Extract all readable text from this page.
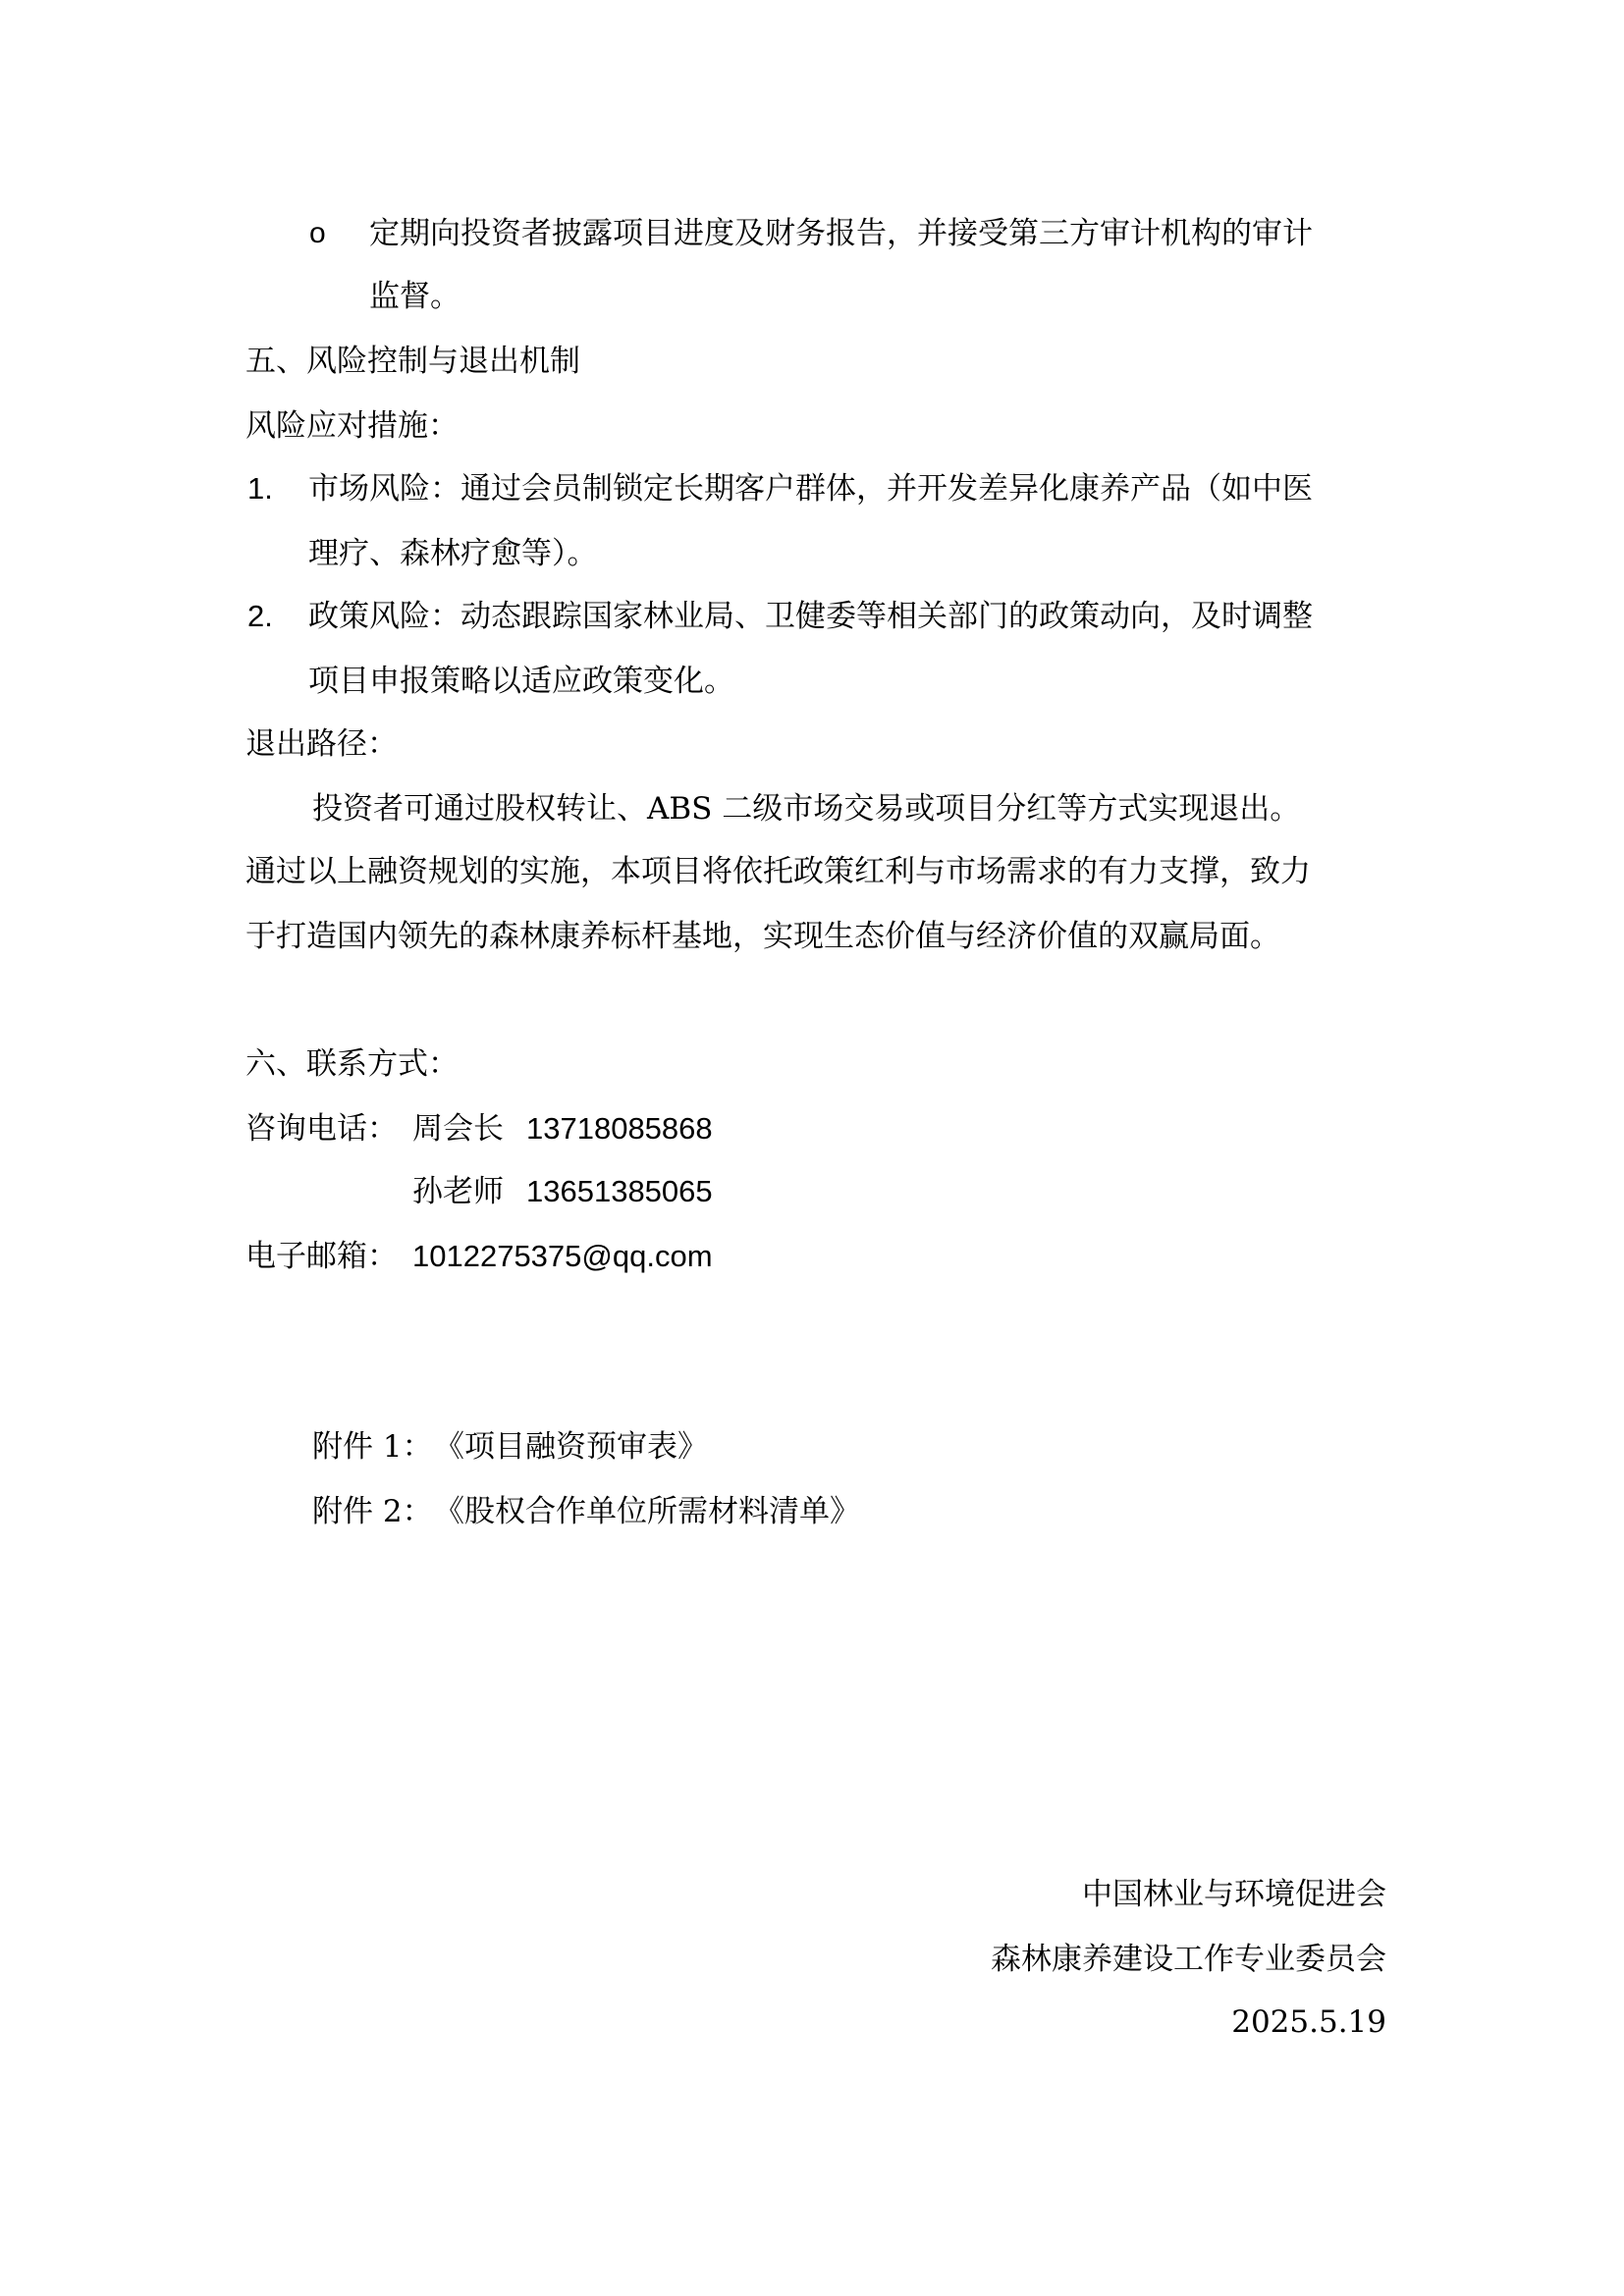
o 定期向投资者披露项目进度及财务报告，并接受第三方审计机构的审计
监督。
五、风险控制与退出机制
风险应对措施：
1. 市场风险：通过会员制锁定长期客户群体，并开发差异化康养产品（如中医
理疗、森林疗愈等）。
2. 政策风险：动态跟踪国家林业局、卫健委等相关部门的政策动向，及时调整
项目申报策略以适应政策变化。
退出路径：
投资者可通过股权转让、ABS 二级市场交易或项目分红等方式实现退出。
通过以上融资规划的实施，本项目将依托政策红利与市场需求的有力支撑，致力
于打造国内领先的森林康养标杆基地，实现生态价值与经济价值的双赢局面。
六、联系方式：
咨询电话： 周会长 13718085868
孙老师 13651385065
电子邮箱： 1012275375@qq.com
附件 1： 《项目融资预审表》
附件 2： 《股权合作单位所需材料清单》
中国林业与环境促进会
森林康养建设工作专业委员会
2025.5.19
